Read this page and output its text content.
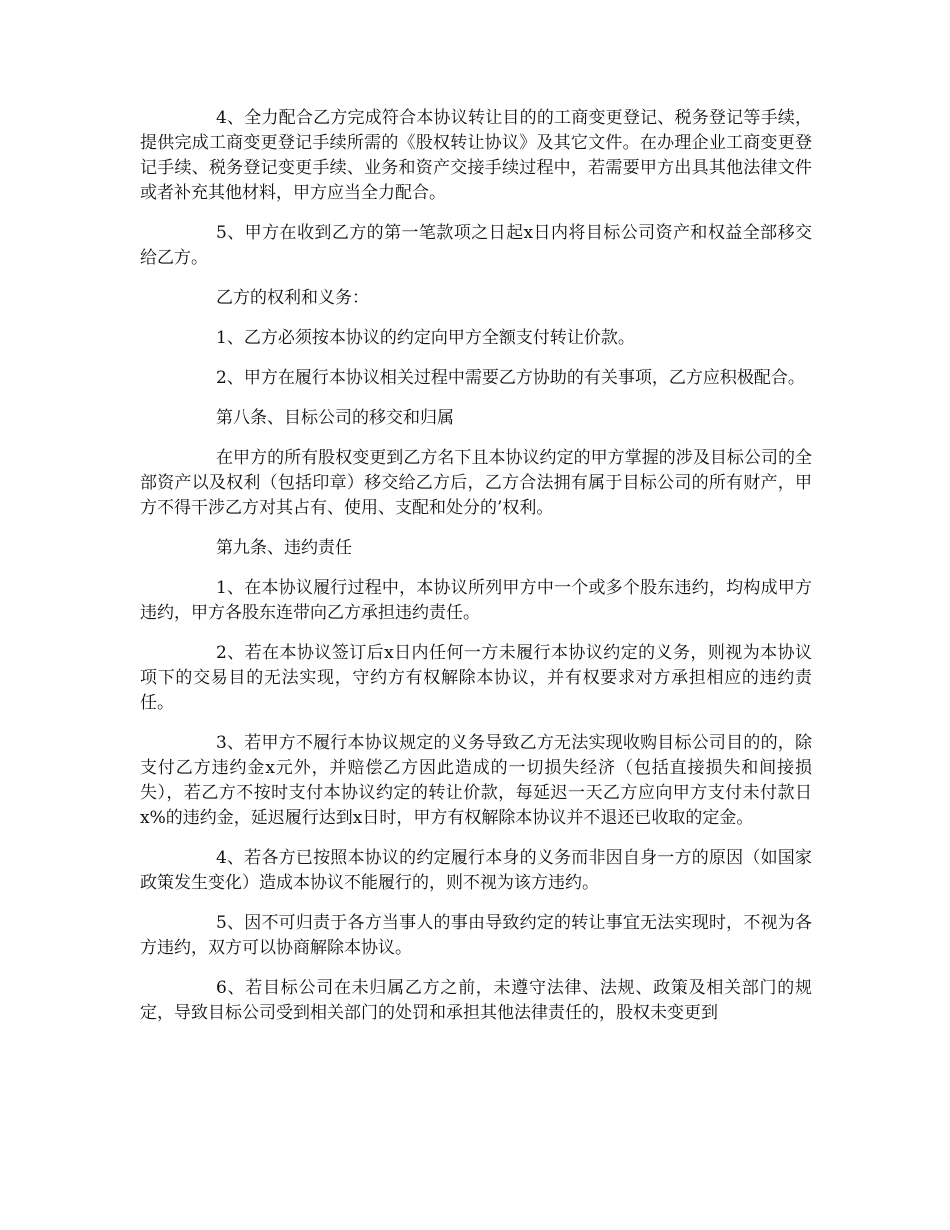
4、全力配合乙方完成符合本协议转让目的的工商变更登记、税务登记等手续，提供完成工商变更登记手续所需的《股权转让协议》及其它文件。在办理企业工商变更登记手续、税务登记变更手续、业务和资产交接手续过程中，若需要甲方出具其他法律文件或者补充其他材料，甲方应当全力配合。

5、甲方在收到乙方的第一笔款项之日起x日内将目标公司资产和权益全部移交给乙方。

乙方的权利和义务：

1、乙方必须按本协议的约定向甲方全额支付转让价款。

2、甲方在履行本协议相关过程中需要乙方协助的有关事项，乙方应积极配合。

第八条、目标公司的移交和归属

在甲方的所有股权变更到乙方名下且本协议约定的甲方掌握的涉及目标公司的全部资产以及权利（包括印章）移交给乙方后，乙方合法拥有属于目标公司的所有财产，甲方不得干涉乙方对其占有、使用、支配和处分的’权利。

第九条、违约责任

1、在本协议履行过程中，本协议所列甲方中一个或多个股东违约，均构成甲方违约，甲方各股东连带向乙方承担违约责任。

2、若在本协议签订后x日内任何一方未履行本协议约定的义务，则视为本协议项下的交易目的无法实现，守约方有权解除本协议，并有权要求对方承担相应的违约责任。

3、若甲方不履行本协议规定的义务导致乙方无法实现收购目标公司目的的，除支付乙方违约金x元外，并赔偿乙方因此造成的一切损失经济（包括直接损失和间接损失），若乙方不按时支付本协议约定的转让价款，每延迟一天乙方应向甲方支付未付款日x%的违约金，延迟履行达到x日时，甲方有权解除本协议并不退还已收取的定金。

4、若各方已按照本协议的约定履行本身的义务而非因自身一方的原因（如国家政策发生变化）造成本协议不能履行的，则不视为该方违约。

5、因不可归责于各方当事人的事由导致约定的转让事宜无法实现时，不视为各方违约，双方可以协商解除本协议。

6、若目标公司在未归属乙方之前，未遵守法律、法规、政策及相关部门的规定，导致目标公司受到相关部门的处罚和承担其他法律责任的，股权未变更到
